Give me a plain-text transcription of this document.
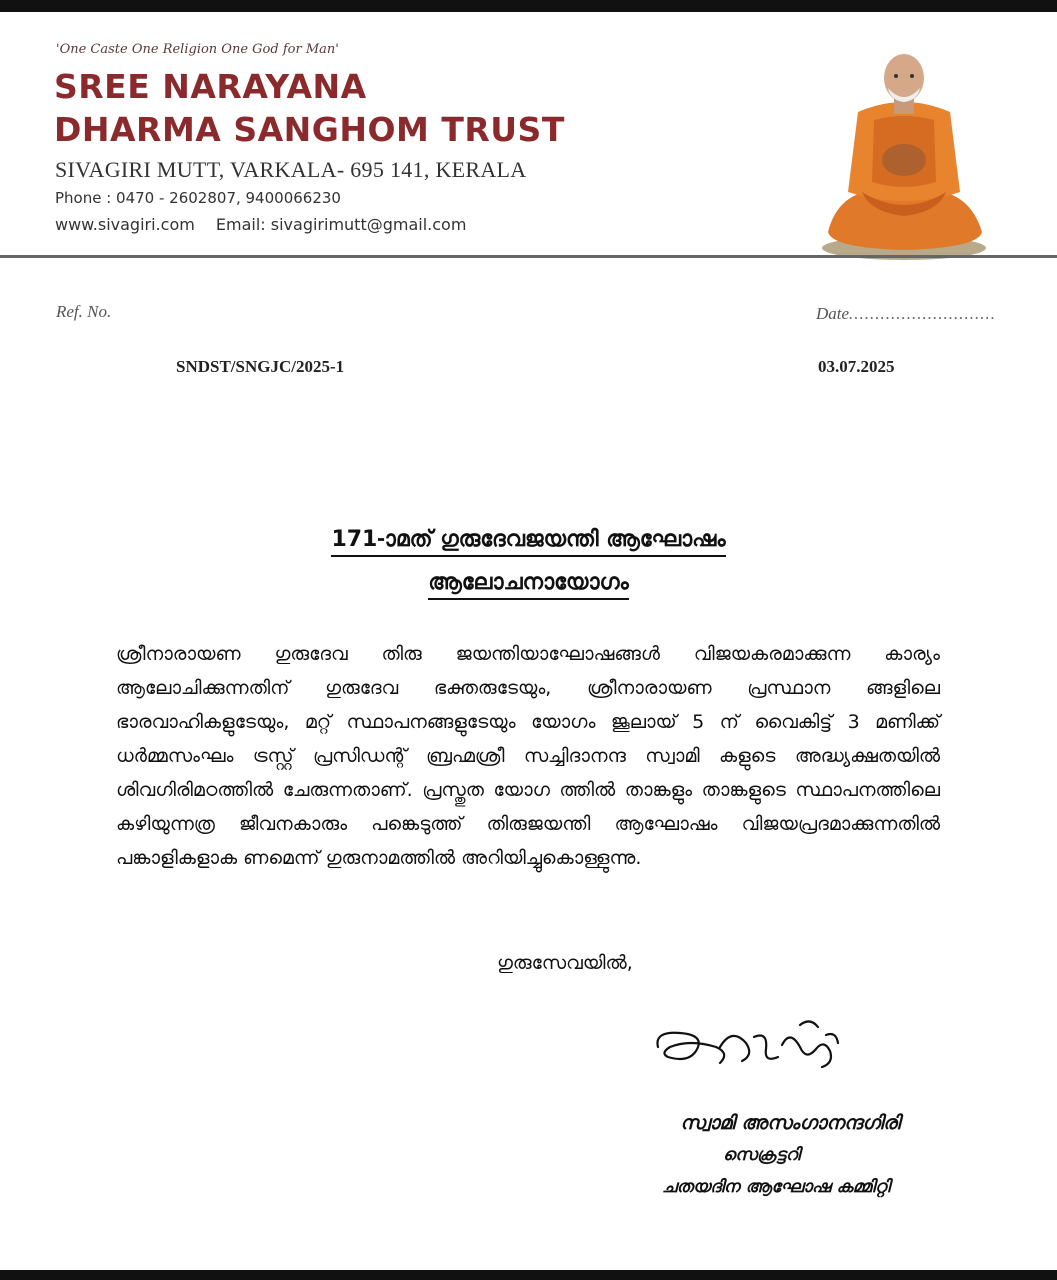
'One Caste One Religion One God for Man'
SREE NARAYANA
DHARMA SANGHOM TRUST
SIVAGIRI MUTT, VARKALA- 695 141, KERALA
Phone : 0470 - 2602807, 9400066230
www.sivagiri.com Email: sivagirimutt@gmail.com
Ref. No.	Date............................
SNDST/SNGJC/2025-1	03.07.2025
171-ാമത് ഗുരുദേവജയന്തി ആഘോഷം
ആലോചനായോഗം
ശ്രീനാരായണ ഗുരുദേവ തിരു ജയന്തിയാഘോഷങ്ങൾ വിജയകരമാക്കുന്ന കാര്യം ആലോചിക്കുന്നതിന് ഗുരുദേവ ഭക്തരുടേയും, ശ്രീനാരായണ പ്രസ്ഥാന ങ്ങളിലെ ഭാരവാഹികളുടേയും, മറ്റ് സ്ഥാപനങ്ങളുടേയും യോഗം ജൂലായ് 5 ന് വൈകിട്ട് 3 മണിക്ക് ധർമ്മസംഘം ട്രസ്റ്റ് പ്രസിഡന്റ് ബ്രഹ്മശ്രീ സച്ചിദാനന്ദ സ്വാമി കളുടെ അദ്ധ്യക്ഷതയിൽ ശിവഗിരിമഠത്തിൽ ചേരുന്നതാണ്. പ്രസ്തുത യോഗ ത്തിൽ താങ്കളും താങ്കളുടെ സ്ഥാപനത്തിലെ കഴിയുന്നത്ര ജീവനകാരും പങ്കെടുത്ത് തിരുജയന്തി ആഘോഷം വിജയപ്രദമാക്കുന്നതിൽ പങ്കാളികളാക ണമെന്ന് ഗുരുനാമത്തിൽ അറിയിച്ചുകൊള്ളുന്നു.
ഗുരുസേവയിൽ,
സ്വാമി അസംഗാനന്ദഗിരി
സെക്രട്ടറി
ചതയദിന ആഘോഷ കമ്മിറ്റി
